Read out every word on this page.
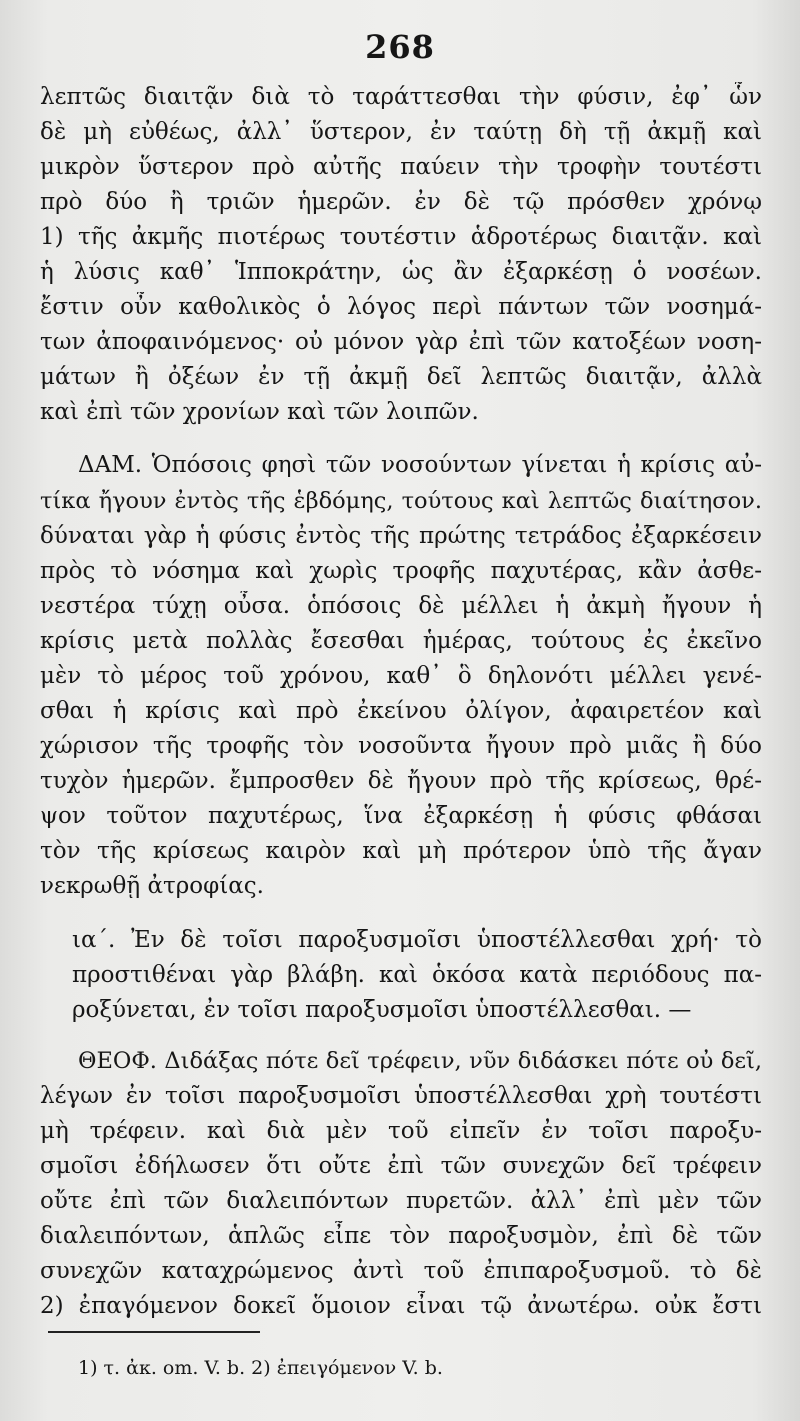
268
λεπτῶς διαιτᾷν διὰ τὸ ταράττεσθαι τὴν φύσιν, ἐφ᾽ ὧν
δὲ μὴ εὐθέως, ἀλλ᾽ ὕστερον, ἐν ταύτῃ δὴ τῇ ἀκμῇ καὶ
μικρὸν ὕστερον πρὸ αὐτῆς παύειν τὴν τροφὴν τουτέστι
πρὸ δύο ἢ τριῶν ἡμερῶν. ἐν δὲ τῷ πρόσθεν χρόνῳ
1) τῆς ἀκμῆς πιοτέρως τουτέστιν ἁδροτέρως διαιτᾷν. καὶ
ἡ λύσις καθ᾽ Ἱπποκράτην, ὡς ἂν ἐξαρκέσῃ ὁ νοσέων.
ἔστιν οὖν καθολικὸς ὁ λόγος περὶ πάντων τῶν νοσημά-
των ἀποφαινόμενος· οὐ μόνον γὰρ ἐπὶ τῶν κατοξέων νοση-
μάτων ἢ ὀξέων ἐν τῇ ἀκμῇ δεῖ λεπτῶς διαιτᾷν, ἀλλὰ
καὶ ἐπὶ τῶν χρονίων καὶ τῶν λοιπῶν.
ΔΑΜ. Ὁπόσοις φησὶ τῶν νοσούντων γίνεται ἡ κρίσις αὐ-
τίκα ἤγουν ἐντὸς τῆς ἑβδόμης, τούτους καὶ λεπτῶς διαίτησον.
δύναται γὰρ ἡ φύσις ἐντὸς τῆς πρώτης τετράδος ἐξαρκέσειν
πρὸς τὸ νόσημα καὶ χωρὶς τροφῆς παχυτέρας, κἂν ἀσθε-
νεστέρα τύχῃ οὖσα. ὁπόσοις δὲ μέλλει ἡ ἀκμὴ ἤγουν ἡ
κρίσις μετὰ πολλὰς ἔσεσθαι ἡμέρας, τούτους ἐς ἐκεῖνο
μὲν τὸ μέρος τοῦ χρόνου, καθ᾽ ὃ δηλονότι μέλλει γενέ-
σθαι ἡ κρίσις καὶ πρὸ ἐκείνου ὀλίγον, ἀφαιρετέον καὶ
χώρισον τῆς τροφῆς τὸν νοσοῦντα ἤγουν πρὸ μιᾶς ἢ δύο
τυχὸν ἡμερῶν. ἔμπροσθεν δὲ ἤγουν πρὸ τῆς κρίσεως, θρέ-
ψον τοῦτον παχυτέρως, ἵνα ἐξαρκέσῃ ἡ φύσις φθάσαι
τὸν τῆς κρίσεως καιρὸν καὶ μὴ πρότερον ὑπὸ τῆς ἄγαν
νεκρωθῇ ἀτροφίας.
ια΄. Ἐν δὲ τοῖσι παροξυσμοῖσι ὑποστέλλεσθαι χρή· τὸ
προστιθέναι γὰρ βλάβη. καὶ ὁκόσα κατὰ περιόδους πα-
ροξύνεται, ἐν τοῖσι παροξυσμοῖσι ὑποστέλλεσθαι. —
ΘΕΟΦ. Διδάξας πότε δεῖ τρέφειν, νῦν διδάσκει πότε οὐ δεῖ,
λέγων ἐν τοῖσι παροξυσμοῖσι ὑποστέλλεσθαι χρὴ τουτέστι
μὴ τρέφειν. καὶ διὰ μὲν τοῦ εἰπεῖν ἐν τοῖσι παροξυ-
σμοῖσι ἐδήλωσεν ὅτι οὔτε ἐπὶ τῶν συνεχῶν δεῖ τρέφειν
οὔτε ἐπὶ τῶν διαλειπόντων πυρετῶν. ἀλλ᾽ ἐπὶ μὲν τῶν
διαλειπόντων, ἁπλῶς εἶπε τὸν παροξυσμὸν, ἐπὶ δὲ τῶν
συνεχῶν καταχρώμενος ἀντὶ τοῦ ἐπιπαροξυσμοῦ. τὸ δὲ
2) ἐπαγόμενον δοκεῖ ὅμοιον εἶναι τῷ ἀνωτέρω. οὐκ ἔστι
1) τ. ἀκ. om. V. b. 2) ἐπειγόμενον V. b.
